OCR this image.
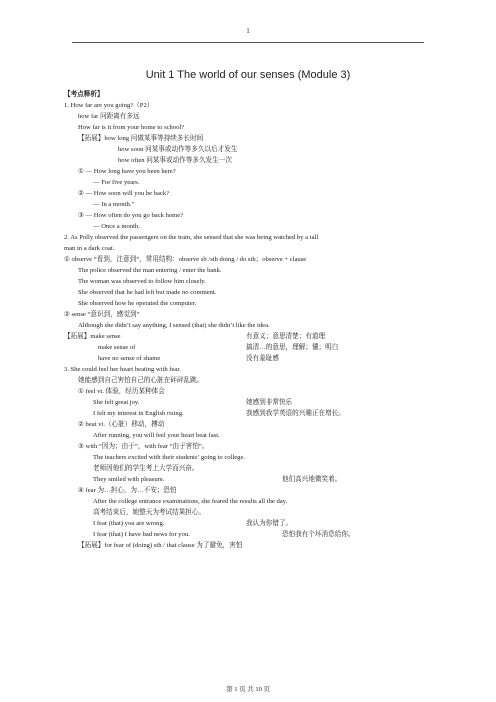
1
Unit 1 The world of our senses (Module 3)
【考点释析】
1. How far are you going?（P2）
how far 问距离有多远
How far is it from your home to school?
【拓展】how long 问做某事等持续多长时间
how soon 问某事或动作等多久以后才发生
how often 问某事或动作等多久发生一次
① — How long have you been here?
— For five years.
② — How soon will you be back?
— In a month."
③ — How often do you go back home?
— Once a month.
2. As Polly observed the passengers on the train, she sensed that she was being watched by a tall
man in a dark coat.
① observe “看到，注意到”，常用结构：observe sb /sth doing / do sth；observe + clause
The police observed the man entering / enter the bank.
The woman was observed to follow him closely.
She observed that he had left but made no comment.
She observed how he operated the computer.
② sense “意识到，感觉到”
Although she didn’t say anything, I sensed (that) she didn’t like the idea.
【拓展】make sense	有意义；意思清楚；有道理
make sense of	搞清…的意思，理解；懂；明白
have no sense of shame	没有羞耻感
3. She could feel her heart beating with fear.
她能感到自己害怕自己的心脏在砰砰乱跳。
① feel vt. 体验，经历某种体会
She felt great joy.	她感到非常快乐
I felt my interest in English rising.	我感到我学英语的兴趣正在增长。
② beat vi.（心脏）移动，搏动
After running, you will feel your heart beat fast.
③ with “因为；由于”，with fear “由于害怕”。
The teachers excited with their students’ going to college.
老师因他们的学生考上大学而兴奋。
They smiled with pleasure.	他们高兴地微笑着。
④ fear 为…担心，为…不安；恐怕
After the college entrance examinations, she feared the results all the day.
高考结束后，她整天为考试结果担心。
I fear (that) you are wrong.	我认为你错了。
I fear (that) I have bad news for you.	恐怕我有个坏消息给你。
【拓展】for fear of (doing) sth / that clause 为了避免，害怕
第 1 页 共 10 页
